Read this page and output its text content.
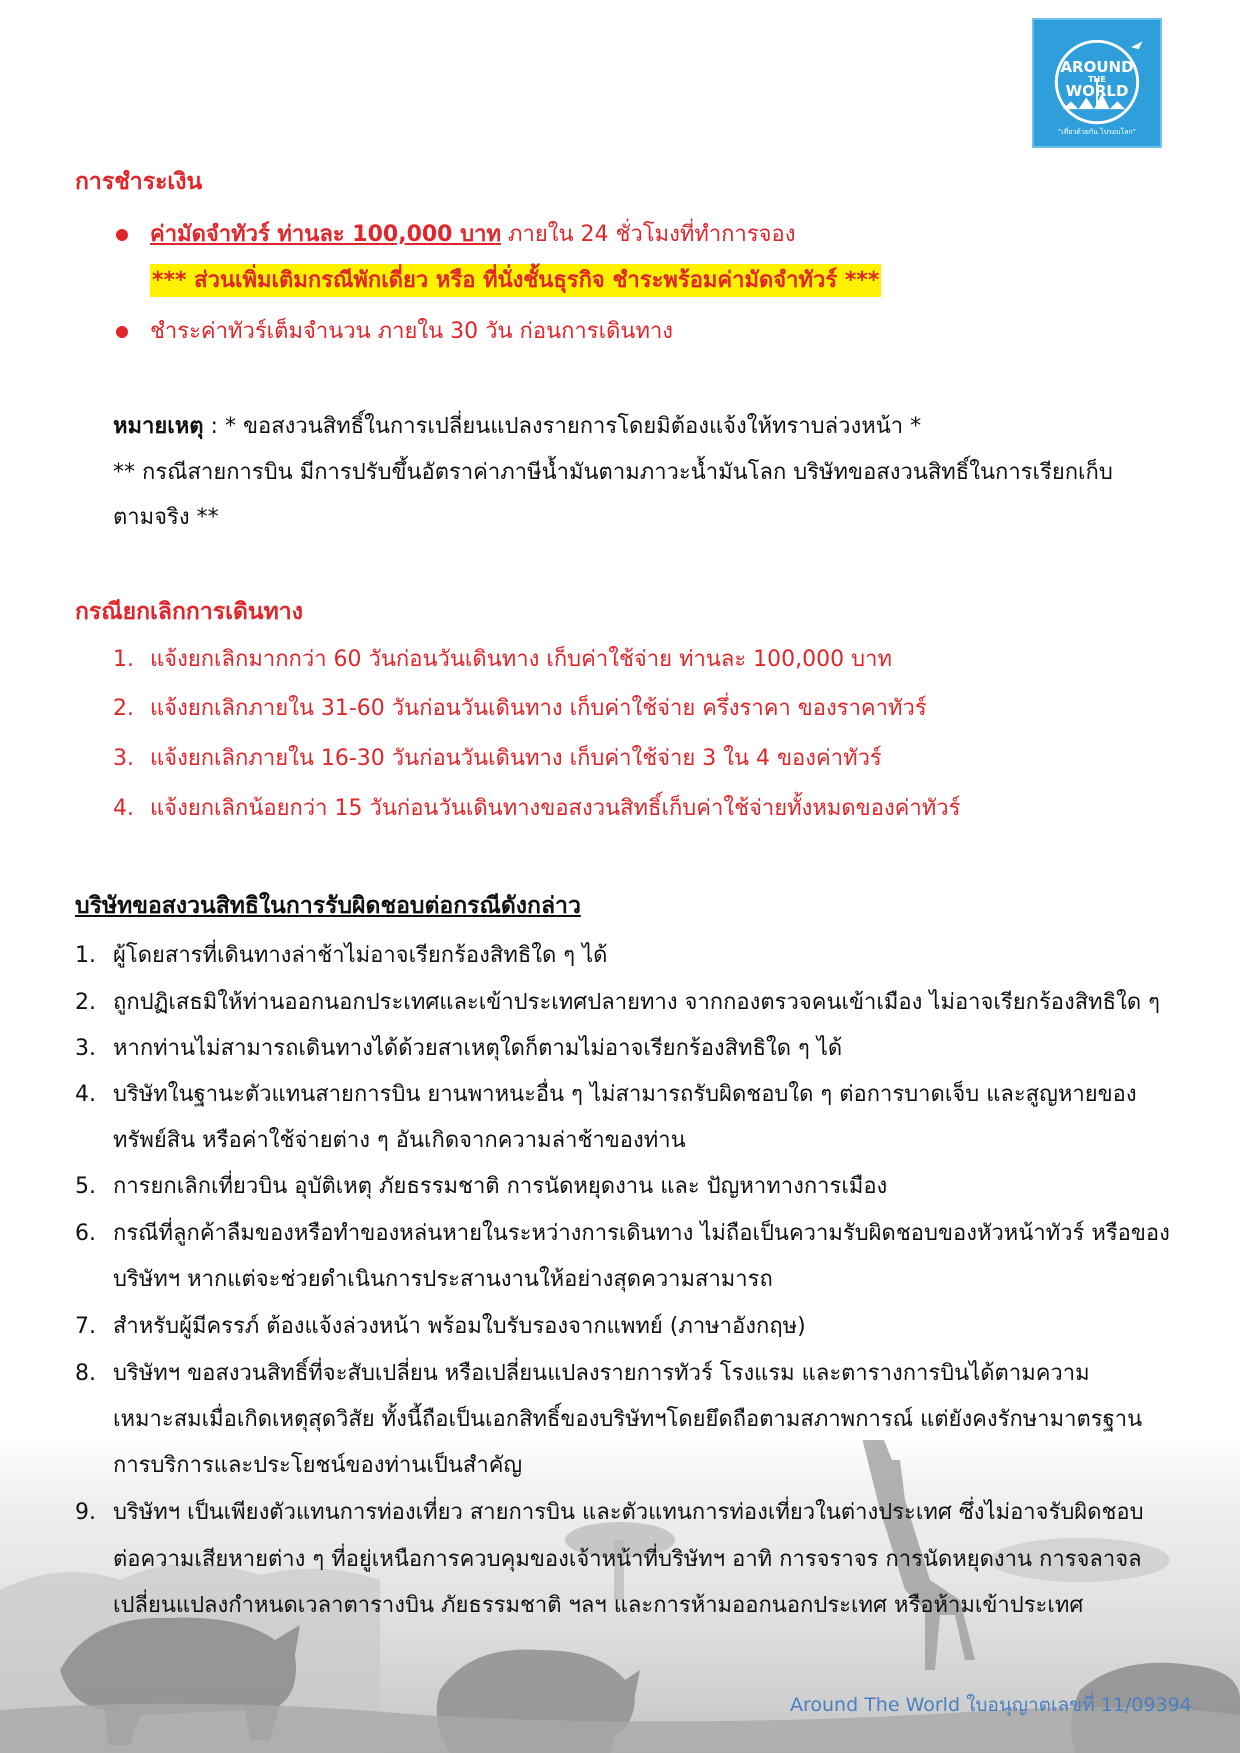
AROUND
THE
WORLD
"เที่ยวด้วยกัน ไปรอบโลก"
การชำระเงิน
ค่ามัดจำทัวร์ ท่านละ 100,000 บาท ภายใน 24 ชั่วโมงที่ทำการจอง
*** ส่วนเพิ่มเติมกรณีพักเดี่ยว หรือ ที่นั่งชั้นธุรกิจ ชำระพร้อมค่ามัดจำทัวร์ ***
ชำระค่าทัวร์เต็มจำนวน ภายใน 30 วัน ก่อนการเดินทาง
หมายเหตุ : * ขอสงวนสิทธิ์ในการเปลี่ยนแปลงรายการโดยมิต้องแจ้งให้ทราบล่วงหน้า *
** กรณีสายการบิน มีการปรับขึ้นอัตราค่าภาษีน้ำมันตามภาวะน้ำมันโลก บริษัทขอสงวนสิทธิ์ในการเรียกเก็บ
ตามจริง **
กรณียกเลิกการเดินทาง
1. แจ้งยกเลิกมากกว่า 60 วันก่อนวันเดินทาง เก็บค่าใช้จ่าย ท่านละ 100,000 บาท
2. แจ้งยกเลิกภายใน 31-60 วันก่อนวันเดินทาง เก็บค่าใช้จ่าย ครึ่งราคา ของราคาทัวร์
3. แจ้งยกเลิกภายใน 16-30 วันก่อนวันเดินทาง เก็บค่าใช้จ่าย 3 ใน 4 ของค่าทัวร์
4. แจ้งยกเลิกน้อยกว่า 15 วันก่อนวันเดินทางขอสงวนสิทธิ์เก็บค่าใช้จ่ายทั้งหมดของค่าทัวร์
บริษัทขอสงวนสิทธิในการรับผิดชอบต่อกรณีดังกล่าว
1. ผู้โดยสารที่เดินทางล่าช้าไม่อาจเรียกร้องสิทธิใด ๆ ได้
2. ถูกปฏิเสธมิให้ท่านออกนอกประเทศและเข้าประเทศปลายทาง จากกองตรวจคนเข้าเมือง ไม่อาจเรียกร้องสิทธิใด ๆ
3. หากท่านไม่สามารถเดินทางได้ด้วยสาเหตุใดก็ตามไม่อาจเรียกร้องสิทธิใด ๆ ได้
4. บริษัทในฐานะตัวแทนสายการบิน ยานพาหนะอื่น ๆ ไม่สามารถรับผิดชอบใด ๆ ต่อการบาดเจ็บ และสูญหายของ
ทรัพย์สิน หรือค่าใช้จ่ายต่าง ๆ อันเกิดจากความล่าช้าของท่าน
5. การยกเลิกเที่ยวบิน อุบัติเหตุ ภัยธรรมชาติ การนัดหยุดงาน และ ปัญหาทางการเมือง
6. กรณีที่ลูกค้าลืมของหรือทำของหล่นหายในระหว่างการเดินทาง ไม่ถือเป็นความรับผิดชอบของหัวหน้าทัวร์ หรือของ
บริษัทฯ หากแต่จะช่วยดำเนินการประสานงานให้อย่างสุดความสามารถ
7. สำหรับผู้มีครรภ์ ต้องแจ้งล่วงหน้า พร้อมใบรับรองจากแพทย์ (ภาษาอังกฤษ)
8. บริษัทฯ ขอสงวนสิทธิ์ที่จะสับเปลี่ยน หรือเปลี่ยนแปลงรายการทัวร์ โรงแรม และตารางการบินได้ตามความ
เหมาะสมเมื่อเกิดเหตุสุดวิสัย ทั้งนี้ถือเป็นเอกสิทธิ์ของบริษัทฯโดยยึดถือตามสภาพการณ์ แต่ยังคงรักษามาตรฐาน
การบริการและประโยชน์ของท่านเป็นสำคัญ
9. บริษัทฯ เป็นเพียงตัวแทนการท่องเที่ยว สายการบิน และตัวแทนการท่องเที่ยวในต่างประเทศ ซึ่งไม่อาจรับผิดชอบ
ต่อความเสียหายต่าง ๆ ที่อยู่เหนือการควบคุมของเจ้าหน้าที่บริษัทฯ อาทิ การจราจร การนัดหยุดงาน การจลาจล
เปลี่ยนแปลงกำหนดเวลาตารางบิน ภัยธรรมชาติ ฯลฯ และการห้ามออกนอกประเทศ หรือห้ามเข้าประเทศ
Around The World ใบอนุญาตเลขที่ 11/09394
